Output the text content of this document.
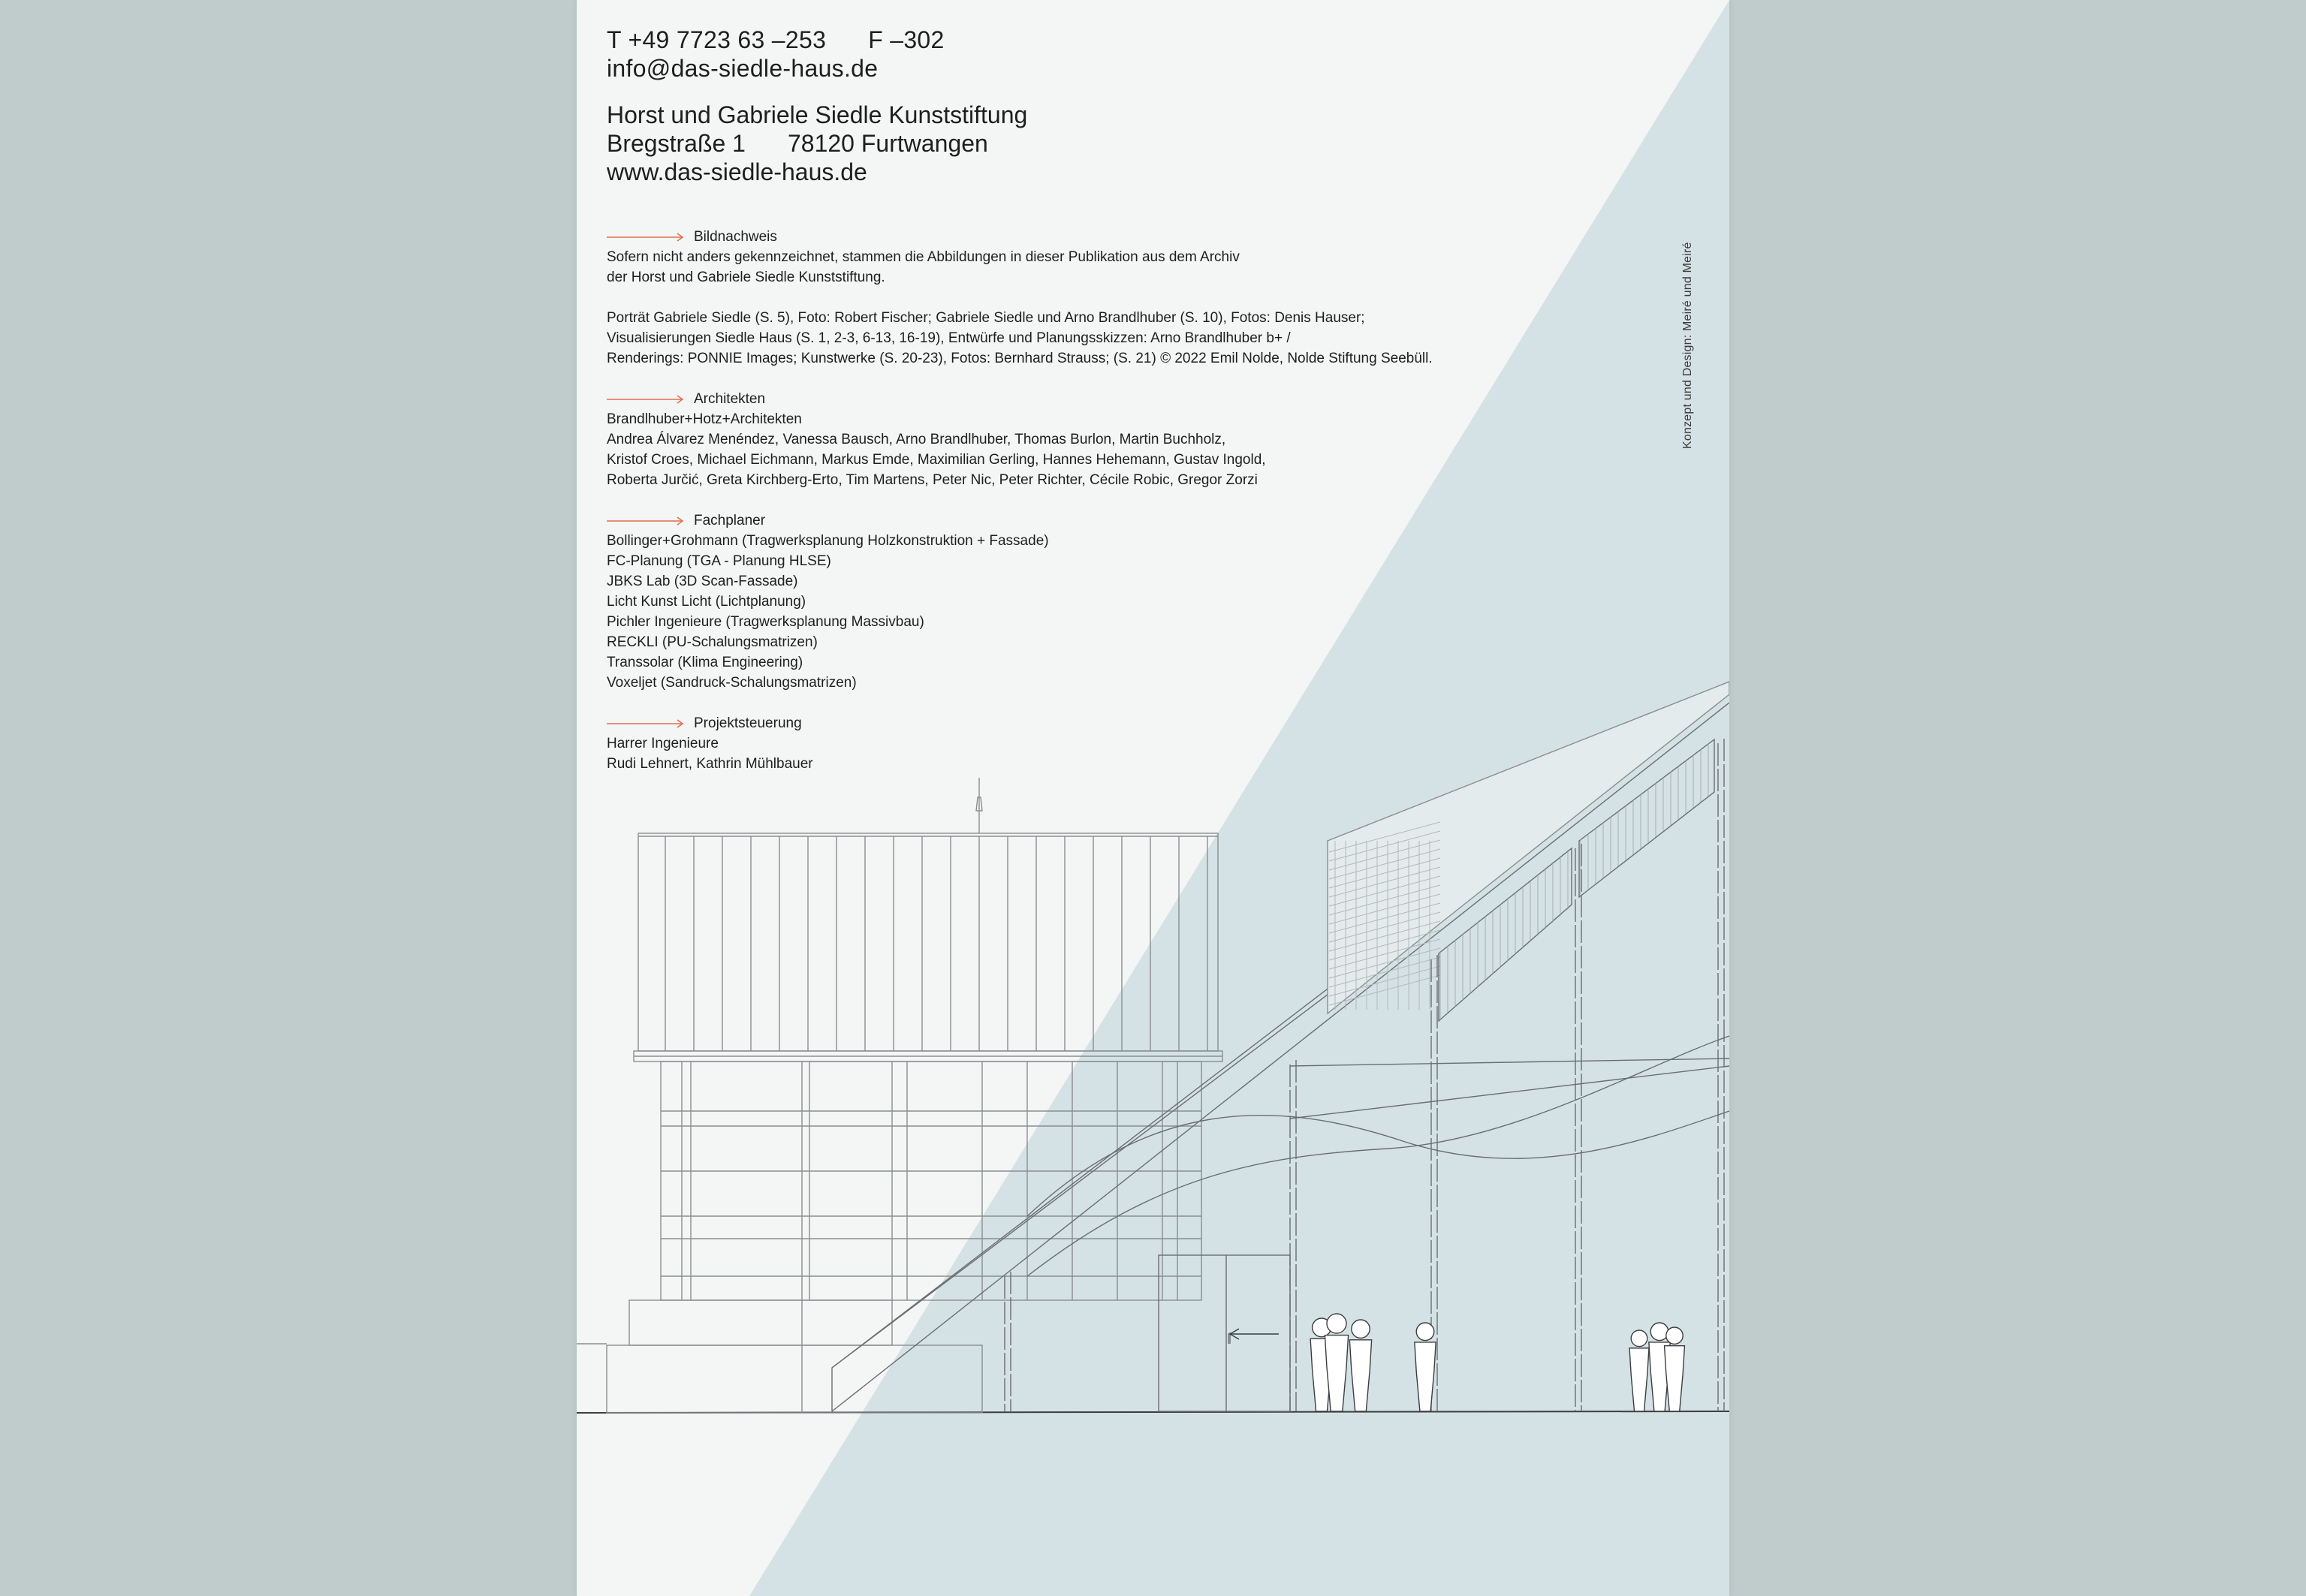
T +49 7723 63 –253 F –302
info@das-siedle-haus.de
Horst und Gabriele Siedle Kunststiftung
Bregstraße 1 78120 Furtwangen
www.das-siedle-haus.de
Bildnachweis
Sofern nicht anders gekennzeichnet, stammen die Abbildungen in dieser Publikation aus dem Archiv
der Horst und Gabriele Siedle Kunststiftung.
Porträt Gabriele Siedle (S. 5), Foto: Robert Fischer; Gabriele Siedle und Arno Brandlhuber (S. 10), Fotos: Denis Hauser;
Visualisierungen Siedle Haus (S. 1, 2-3, 6-13, 16-19), Entwürfe und Planungsskizzen: Arno Brandlhuber b+ /
Renderings: PONNIE Images; Kunstwerke (S. 20-23), Fotos: Bernhard Strauss; (S. 21) © 2022 Emil Nolde, Nolde Stiftung Seebüll.
Architekten
Brandlhuber+Hotz+Architekten
Andrea Álvarez Menéndez, Vanessa Bausch, Arno Brandlhuber, Thomas Burlon, Martin Buchholz,
Kristof Croes, Michael Eichmann, Markus Emde, Maximilian Gerling, Hannes Hehemann, Gustav Ingold,
Roberta Jurčić, Greta Kirchberg-Erto, Tim Martens, Peter Nic, Peter Richter, Cécile Robic, Gregor Zorzi
Fachplaner
Bollinger+Grohmann (Tragwerksplanung Holzkonstruktion + Fassade)
FC-Planung (TGA - Planung HLSE)
JBKS Lab (3D Scan-Fassade)
Licht Kunst Licht (Lichtplanung)
Pichler Ingenieure (Tragwerksplanung Massivbau)
RECKLI (PU-Schalungsmatrizen)
Transsolar (Klima Engineering)
Voxeljet (Sandruck-Schalungsmatrizen)
Projektsteuerung
Harrer Ingenieure
Rudi Lehnert, Kathrin Mühlbauer
Konzept und Design: Meiré und Meiré
